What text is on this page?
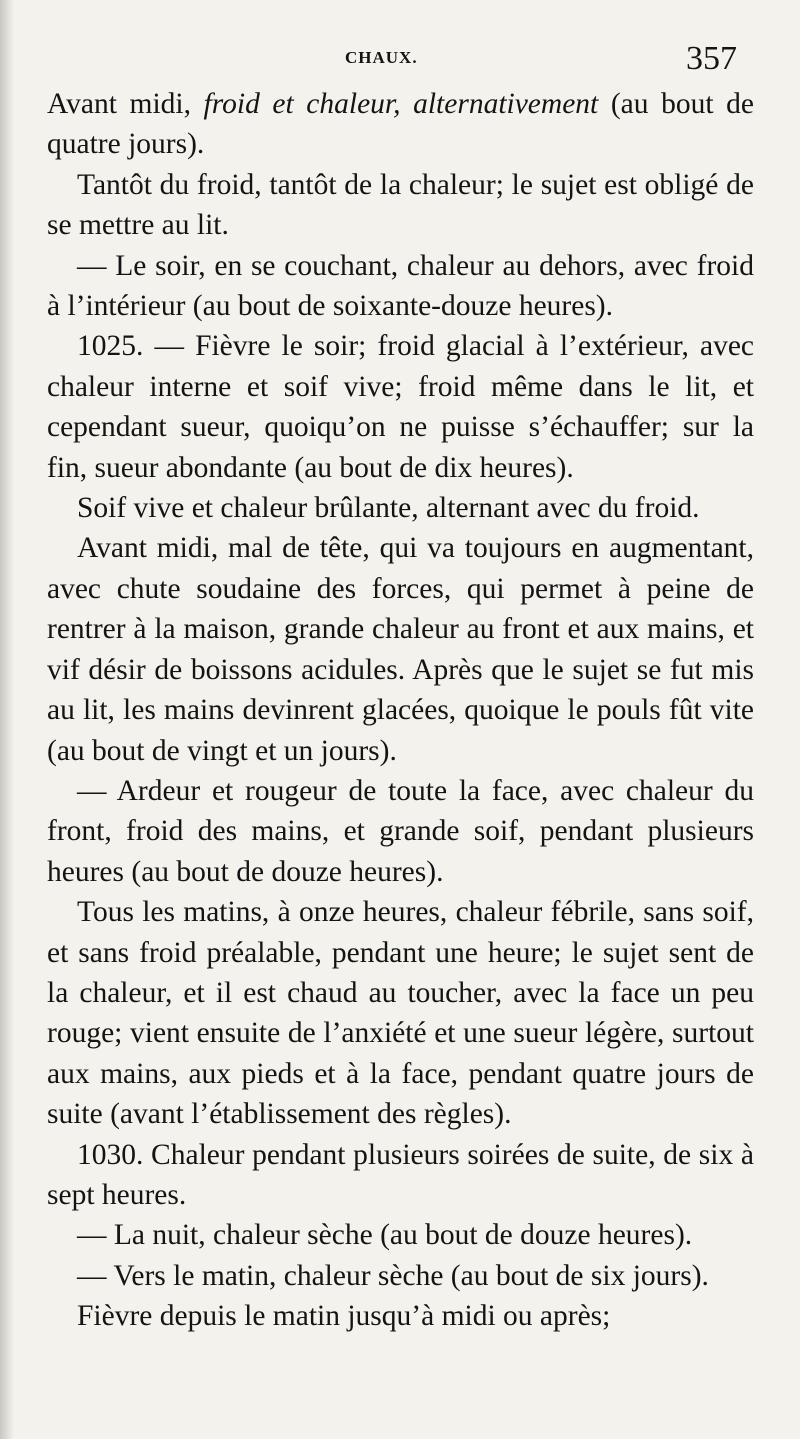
CHAUX.	357

Avant midi, froid et chaleur, alternativement (au bout de quatre jours).

Tantôt du froid, tantôt de la chaleur; le sujet est obligé de se mettre au lit.

— Le soir, en se couchant, chaleur au dehors, avec froid à l’intérieur (au bout de soixante-douze heures).

1025. — Fièvre le soir; froid glacial à l’extérieur, avec chaleur interne et soif vive; froid même dans le lit, et cependant sueur, quoiqu’on ne puisse s’échauffer; sur la fin, sueur abondante (au bout de dix heures).

Soif vive et chaleur brûlante, alternant avec du froid.

Avant midi, mal de tête, qui va toujours en augmentant, avec chute soudaine des forces, qui permet à peine de rentrer à la maison, grande chaleur au front et aux mains, et vif désir de boissons acidules. Après que le sujet se fut mis au lit, les mains devinrent glacées, quoique le pouls fût vite (au bout de vingt et un jours).

— Ardeur et rougeur de toute la face, avec chaleur du front, froid des mains, et grande soif, pendant plusieurs heures (au bout de douze heures).

Tous les matins, à onze heures, chaleur fébrile, sans soif, et sans froid préalable, pendant une heure; le sujet sent de la chaleur, et il est chaud au toucher, avec la face un peu rouge; vient ensuite de l’anxiété et une sueur légère, surtout aux mains, aux pieds et à la face, pendant quatre jours de suite (avant l’établissement des règles).

1030. Chaleur pendant plusieurs soirées de suite, de six à sept heures.

— La nuit, chaleur sèche (au bout de douze heures).

— Vers le matin, chaleur sèche (au bout de six jours).

Fièvre depuis le matin jusqu’à midi ou après;
